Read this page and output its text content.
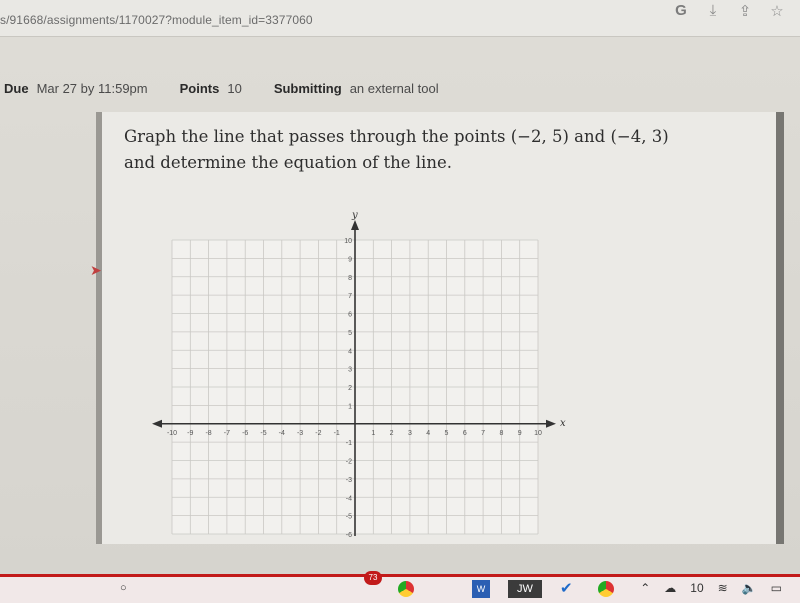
s/91668/assignments/1170027?module_item_id=3377060
G	⤓	⇪ ☆
Due Mar 27 by 11:59pm Points 10 Submitting an external tool
➤
Graph the line that passes through the points (−2, 5) and (−4, 3)
and determine the equation of the line.
x
y
-10 -9 -8 -7 -6 -5 -4 -3 -2 -1	1 2 3 4 5 6 7 8 9 10
10
9
8
7
6
5
4
3
2
1
-1
-2
-3
-4
-5
-6
○
73
W	JW	✔	⌃ ☁ 10 ≋ 🔈 ▭
